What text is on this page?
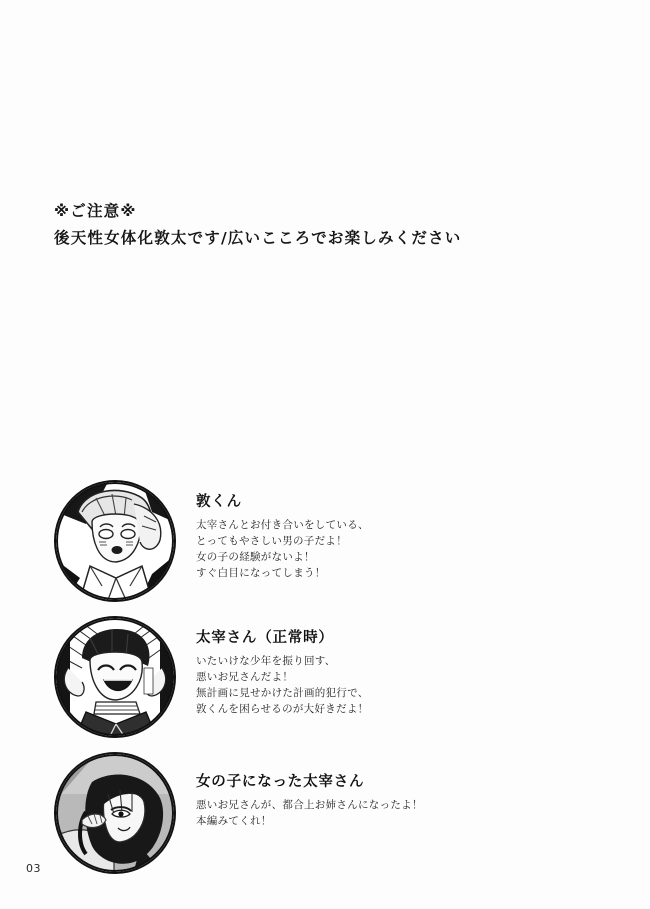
※ご注意※
後天性女体化敦太です/広いこころでお楽しみください
敦くん
太宰さんとお付き合いをしている、
とってもやさしい男の子だよ！
女の子の経験がないよ！
すぐ白目になってしまう！
太宰さん（正常時）
いたいけな少年を振り回す、
悪いお兄さんだよ！
無計画に見せかけた計画的犯行で、
敦くんを困らせるのが大好きだよ！
女の子になった太宰さん
悪いお兄さんが、都合上お姉さんになったよ！
本編みてくれ！
03
